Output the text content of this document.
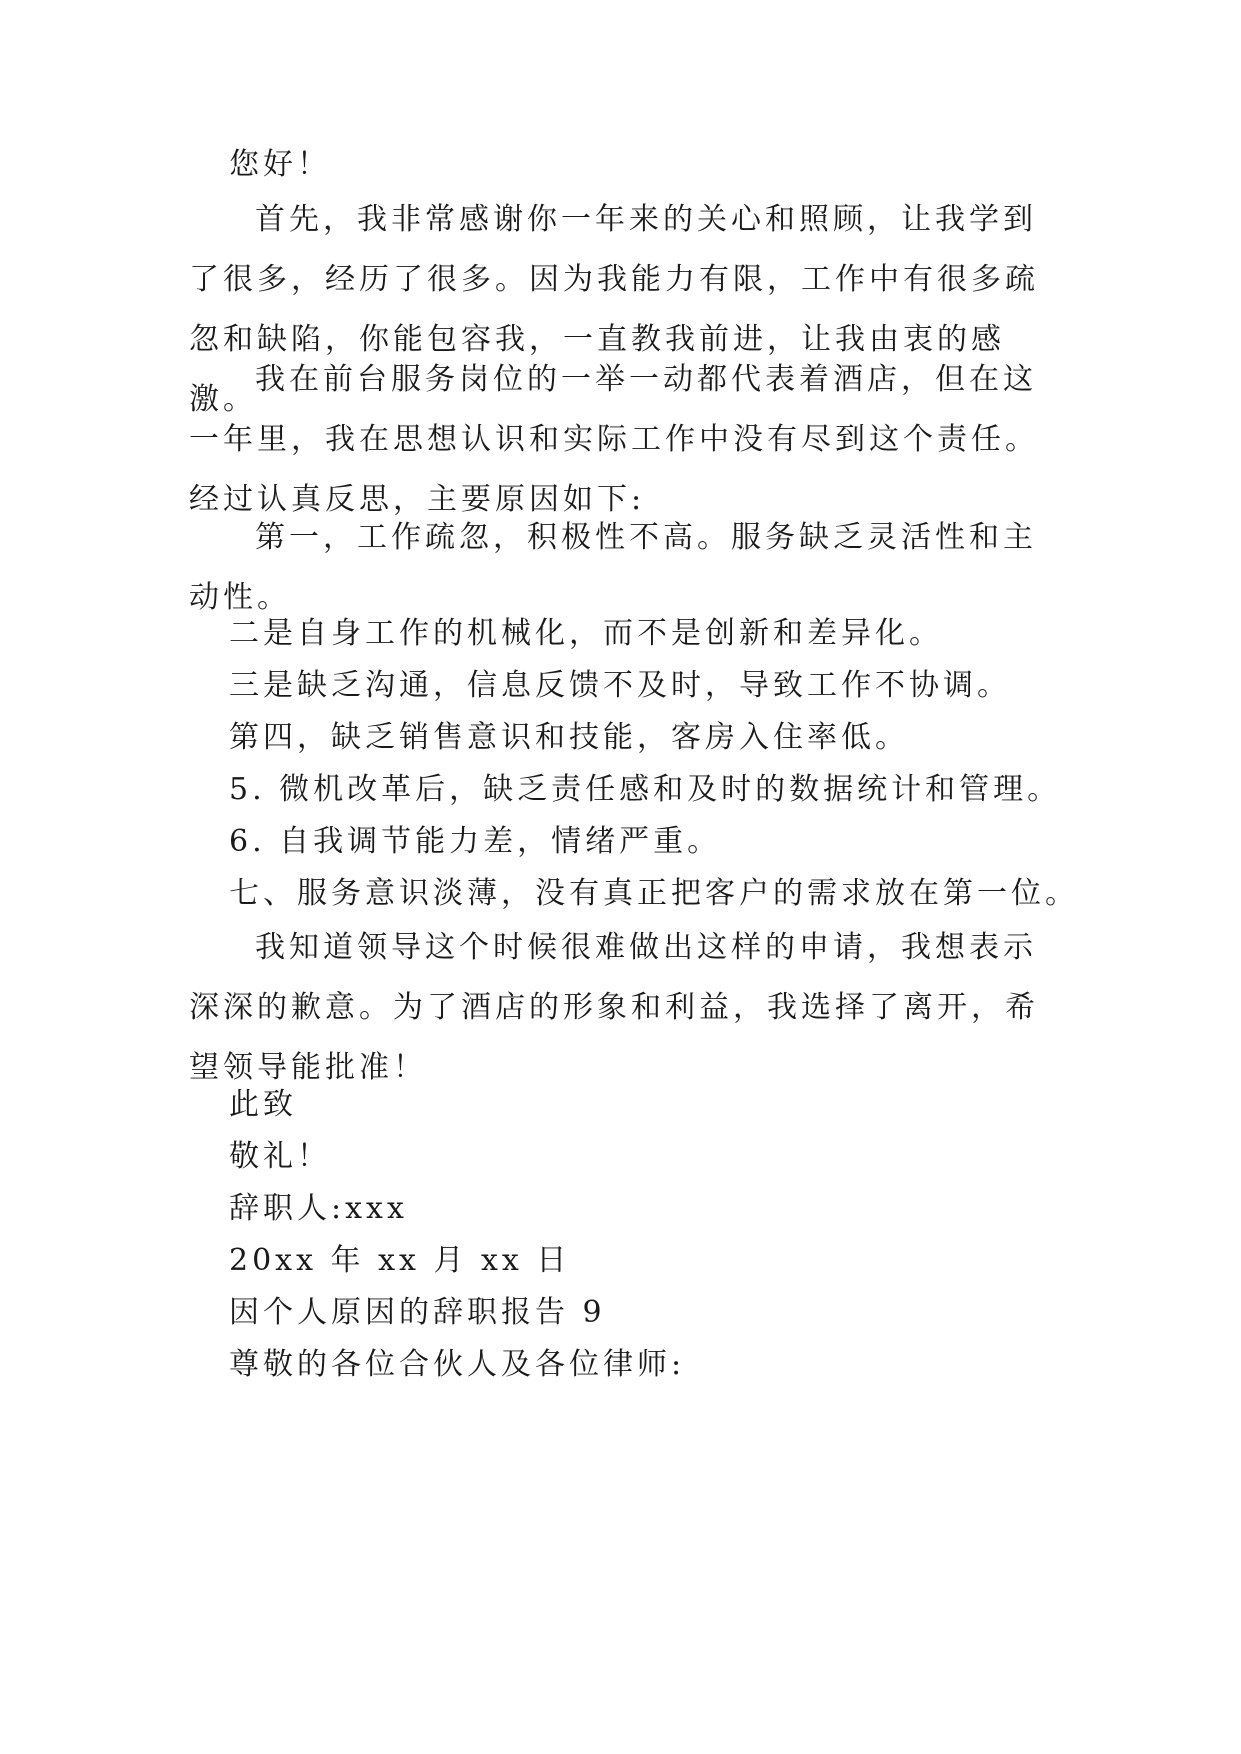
您好！
首先，我非常感谢你一年来的关心和照顾，让我学到了很多，经历了很多。因为我能力有限，工作中有很多疏忽和缺陷，你能包容我，一直教我前进，让我由衷的感激。
我在前台服务岗位的一举一动都代表着酒店，但在这一年里，我在思想认识和实际工作中没有尽到这个责任。经过认真反思，主要原因如下:
第一，工作疏忽，积极性不高。服务缺乏灵活性和主动性。
二是自身工作的机械化，而不是创新和差异化。
三是缺乏沟通，信息反馈不及时，导致工作不协调。
第四，缺乏销售意识和技能，客房入住率低。
5. 微机改革后，缺乏责任感和及时的数据统计和管理。
6. 自我调节能力差，情绪严重。
七、服务意识淡薄，没有真正把客户的需求放在第一位。
我知道领导这个时候很难做出这样的申请，我想表示深深的歉意。为了酒店的形象和利益，我选择了离开，希望领导能批准！
此致
敬礼！
辞职人:xxx
20xx 年 xx 月 xx 日
因个人原因的辞职报告 9
尊敬的各位合伙人及各位律师:
